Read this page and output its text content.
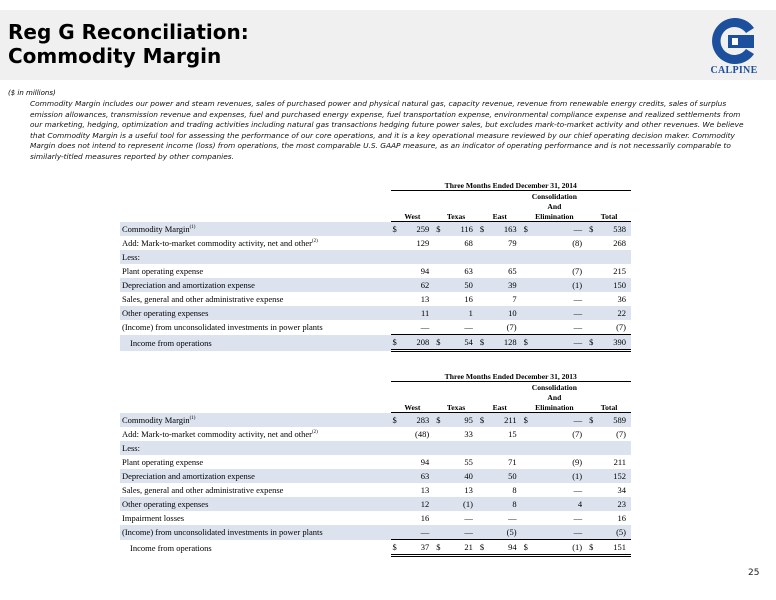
Reg G Reconciliation:
Commodity Margin
CALPINE
($ in millions)
Commodity Margin includes our power and steam revenues, sales of purchased power and physical natural gas, capacity revenue, revenue from renewable energy credits, sales of surplus emission allowances, transmission revenue and expenses, fuel and purchased energy expense, fuel transportation expense, environmental compliance expense and realized settlements from our marketing, hedging, optimization and trading activities including natural gas transactions hedging future power sales, but excludes mark-to-market activity and other revenues. We believe that Commodity Margin is a useful tool for assessing the performance of our core operations, and it is a key operational measure reviewed by our chief operating decision maker. Commodity Margin does not intend to represent income (loss) from operations, the most comparable U.S. GAAP measure, as an indicator of operating performance and is not necessarily comparable to similarly-titled measures reported by other companies.
	Three Months Ended December 31, 2014									
							Consolidation			
							And			
	West		Texas		East		Elimination		Total	
Commodity Margin$^{(1)}$	$	259	$	116	$	163	$	—	$	538
Add: Mark-to-market commodity activity, net and other$^{(2)}$		129		68		79		(8)		268
Less:										
Plant operating expense		94		63		65		(7)		215
Depreciation and amortization expense		62		50		39		(1)		150
Sales, general and other administrative expense		13		16		7		—		36
Other operating expenses		11		1		10		—		22
(Income) from unconsolidated investments in power plants		—		—		(7)		—		(7)
Income from operations	$	208	$	54	$	128	$	—	$	390
	Three Months Ended December 31, 2013									
							Consolidation			
							And			
	West		Texas		East		Elimination		Total	
Commodity Margin$^{(1)}$	$	283	$	95	$	211	$	—	$	589
Add: Mark-to-market commodity activity, net and other$^{(2)}$		(48)		33		15		(7)		(7)
Less:										
Plant operating expense		94		55		71		(9)		211
Depreciation and amortization expense		63		40		50		(1)		152
Sales, general and other administrative expense		13		13		8		—		34
Other operating expenses		12		(1)		8		4		23
Impairment losses		16		—		—		—		16
(Income) from unconsolidated investments in power plants		—		—		(5)		—		(5)
Income from operations	$	37	$	21	$	94	$	(1)	$	151
25
